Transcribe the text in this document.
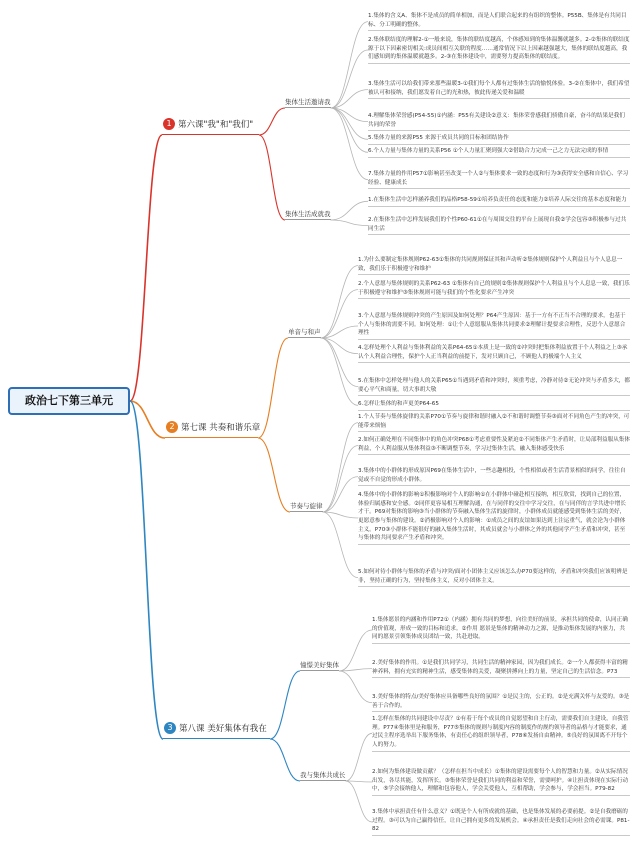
政治七下第三单元
1 第六课"我"和"我们"
集体生活邀请我
集体生活成就我
1.集体的含义A、集体不是成员的简单相加，而是人们联合起来的有组织的整体。P55B、集体是有共同目标、分工明确的整体。
2.集体联结度的理解2-①一般来说，集体的联结度越高，个体感知到的集体温馨就越多。2-②集体的联结度源于以下因素密切相关:成员间相互关联的程度……通常情况下以上因素越强越大，集体的联结度越高，我们感知到的集体温暖就越多。2-③在集体建设中，需要努力提高集体的联结度。
3.集体生活可以给我们带来那些温暖3-①我们每个人都有过集体生活的愉悦体验。3-②在集体中，我们希望被认可和接纳，我们愿发着自己的光和热，彼此传递关爱和温暖
4.理解集体荣誉感(P54-55)①内涵：P55有关建设②意义：集体荣誉感我们骄傲自豪，奋斗的结果是我们共同的荣誉
5.集体力量的来源P55 来源于成员共同的目标和团结协作
6.个人力量与集体力量的关系P56 ①个人力量汇聚到强大②借助合力完成一己之力无法完成的事情
7.集体力量的作用P57①影响甚至改变一个人②与集体要求一致的态度和行为③获得安全感和自信心、学习经验、健康成长
1.在集体生活中怎样涵养我们的品格P58-59①培养负责任的态度和能力②培养人际交往的基本态度和能力
2.在集体生活中怎样发展我们的个性P60-61①在与周围交往的平台上展现自我②学会包容③积极参与过共同生活
2 第七课 共奏和谐乐章
单音与和声
节奏与旋律
1.为什么要制定集体规则P62-63①集体的共同规则保证其和声动听②集体规则保护个人利益且与个人息息一致，我们乐于积极遵守和维护
2.个人意愿与集体规则的关系P62-63 ①集体有自己的规则②集体规则保护个人利益且与个人息息一致，我们乐于积极遵守和维护③集体规则可能与我们的个性化要求产生冲突
3.个人意愿与集体规则冲突的产生原因及如何处理？P64产生原因：基于一方有不正当不合理的要求，也基于个人与集体的需要不同。如何处理：①让个人意愿服从集体共同要求②理解计提要求合理性，反思个人意愿合理性
4.怎样处理个人利益与集体利益的关系P64-65①本质上是一致的②冲突时把集体利益放置于个人利益之上③承认个人利益合理性，保护个人正当利益的前提下，发对只顾自己，不顾他人的极端个人主义
5.在集体中怎样处理与他人的关系P65①当遇到矛盾和冲突时，须重考虑，冷静对待②无论冲突与矛盾多大，都要心平气和商量，切大事胡大敬
6.怎样让集体的和声更美P64-65
1.个人节奏与集体旋律的关系P70①节奏与旋律和谐时融入②不和谐时调整节奏③面对不同角色产生的冲突，可能带来烦恼
2.如何正确处理在不同集体中的角色冲突P68①考虑重要性及紧迫②不同集体产生矛盾时，让局部利益服从集体利益，个人利益服从集体利益③不断调整节奏，学习过集体生活，融入集体感受快乐
3.集体中的小群体的形成原因P69在集体生活中，一些志趣相投，个性相似或者生活背景相似的同学，往往自觉或不自觉的形成小群体。
4.集体中的小群体的影响①积极影响对个人的影响①在小群体中碰赴相互接纳，相互欣赏，找到自己的位置，体验归属感和安全感。②同伴更容易相互理解沟通，在与同伴的交往中学习交往，在与同伴的言学共进中增长才干。P69对集体的影响③当小群体的节奏融入集体生活的旋律时，小群体成员就能感受到集体生活的美好，更愿意参与集体的建设。②消极影响对个人的影响：①成员之间的友谊如果达到上注运重气，就会沦为小群体主义。P70③小群体不能很好的融入集体生活时，其成员就会与小群体之外的其他同学产生矛盾和冲突，甚至与集体的共同要求产生矛盾和冲突。
5.如何对待小群体与集体的矛盾与冲突/面对小团体主义应该怎么办P70要这样的，矛盾和冲突我们应该明辨是非，坚持正确的行为，坚持集体主义，反对小团体主义。
3 第八课 美好集体有我在
憧憬美好集体
我与集体共成长
1.集体愿景的内涵和作用P72①（内涵）拥有共同的梦想，向往美好的前景，承担共同的使命，认同正确的价值观，形成一致的目标和追求。②作用 愿景是集体的精神动力之源，是推动集体发展的内驱力，共同的愿景引领集体成员团结一致，共赴进取。
2.美好集体的作用。①是我们共同学习，共同生活的精神家园，因为我们成长。②一个人都获得丰富的精神养料，拥有充实的精神生活，感受集体的关爱，凝聚拼搏向上的力量，坚定自己的生活信念。P73
3.美好集体的特点/美好集体应具备哪些良好的氛围？①是民主的，公正的。②是充满关怀与友爱的。③是善于合作的。
1.怎样在集体的共同建设中尽责？①有着于每个成员的自觉愿望和自主行动，需要我们自主建设，自我管理。P77④集体里是和服务，P77⑤集体的规则与制度内容的制度作的规约领导者的品格与才能要求，通过民主程序选举出下服务集体，有责任心的组织领导者，P78⑥发扬自由精神。⑤良好的氛围离不开每个人的努力。
2.如何为集体建设做贡献？（怎样在担当中成长）①集体的建设需要每个人的智慧和力量。②从实际情况出发，各尽其能，发挥所长。③集体荣誉是我们共同的利益和荣誉，需要呵护。④让担责体现在实际行动中，⑤学会接纳他人，理解和包容他人，学会关爱他人，互相帮助，学会参与，学会担当。P79-82
3.集体中承担责任有什么意义？①既是个人有所成就的基础，也是集体发展的必要前提。②是自我磨砺的过程。③可以为自己赢得信任，让自己拥有更多的发展机会。④承担责任是我们走向社会的必需课。P81-82
